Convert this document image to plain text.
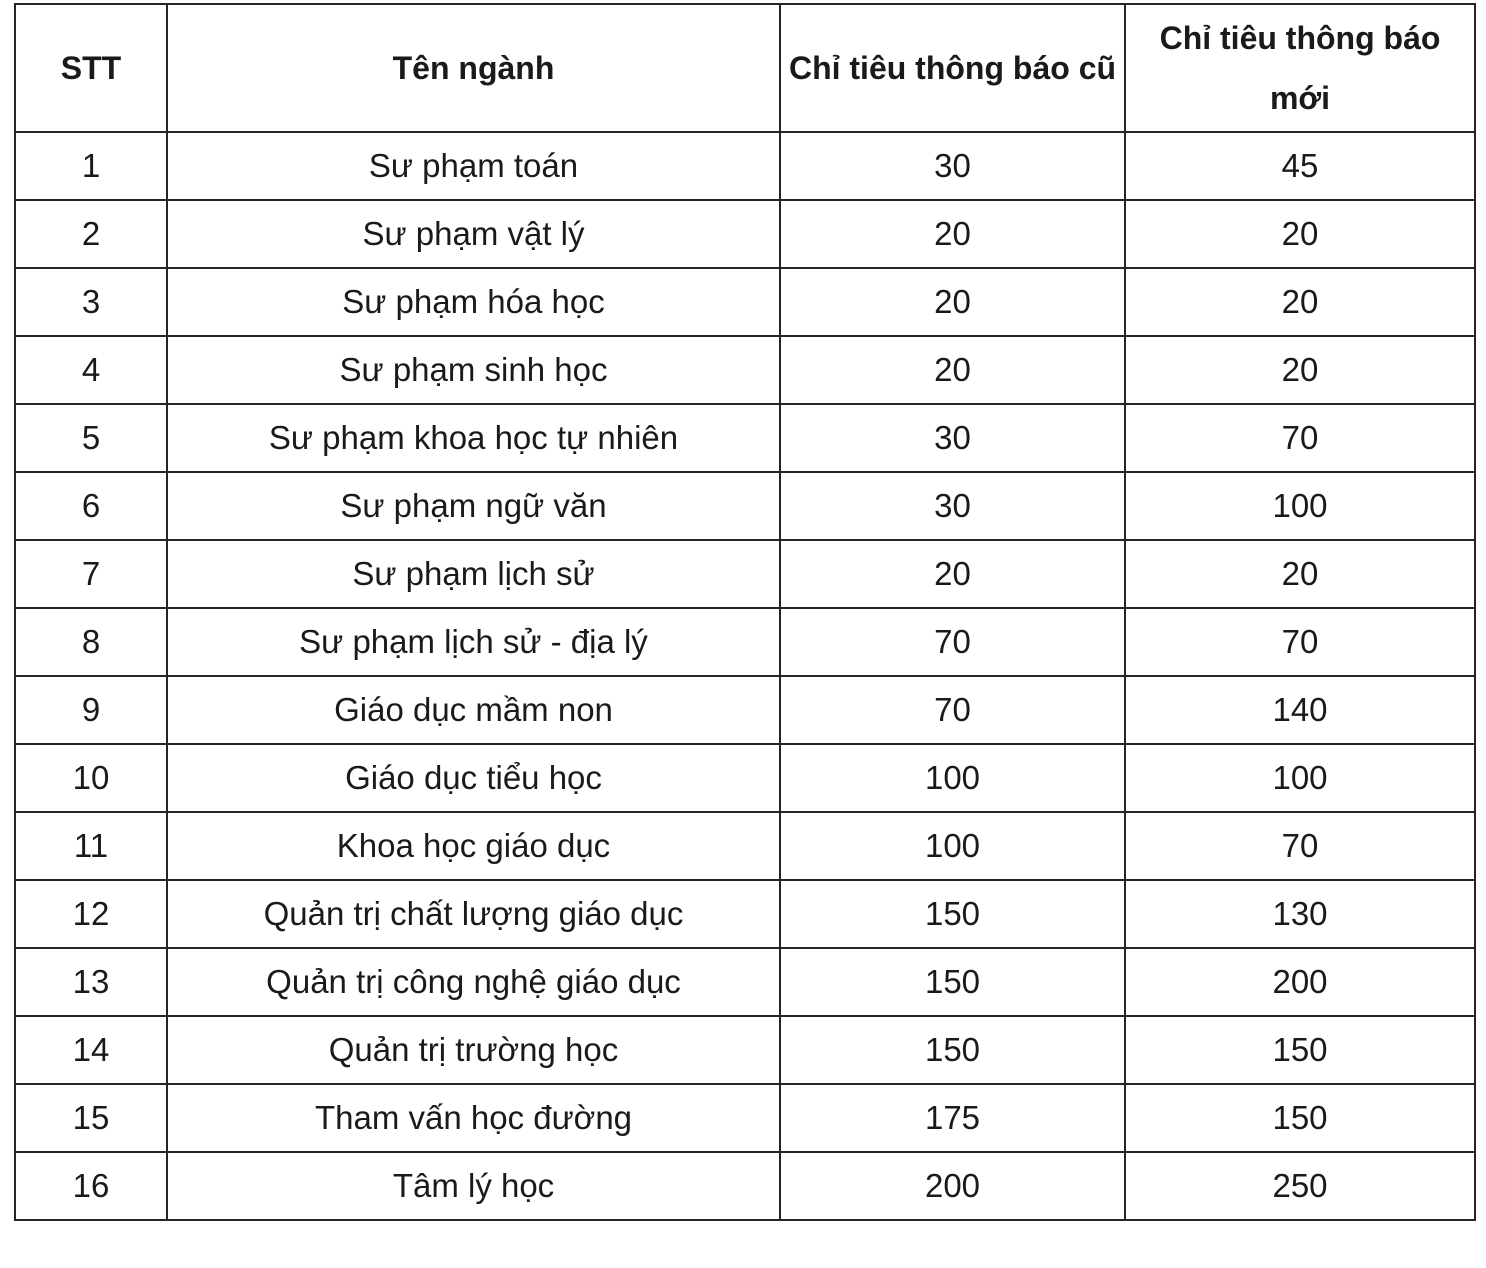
STT	Tên ngành	Chỉ tiêu thông báo cũ	Chỉ tiêu thông báo mới
1	Sư phạm toán	30	45
2	Sư phạm vật lý	20	20
3	Sư phạm hóa học	20	20
4	Sư phạm sinh học	20	20
5	Sư phạm khoa học tự nhiên	30	70
6	Sư phạm ngữ văn	30	100
7	Sư phạm lịch sử	20	20
8	Sư phạm lịch sử - địa lý	70	70
9	Giáo dục mầm non	70	140
10	Giáo dục tiểu học	100	100
11	Khoa học giáo dục	100	70
12	Quản trị chất lượng giáo dục	150	130
13	Quản trị công nghệ giáo dục	150	200
14	Quản trị trường học	150	150
15	Tham vấn học đường	175	150
16	Tâm lý học	200	250
